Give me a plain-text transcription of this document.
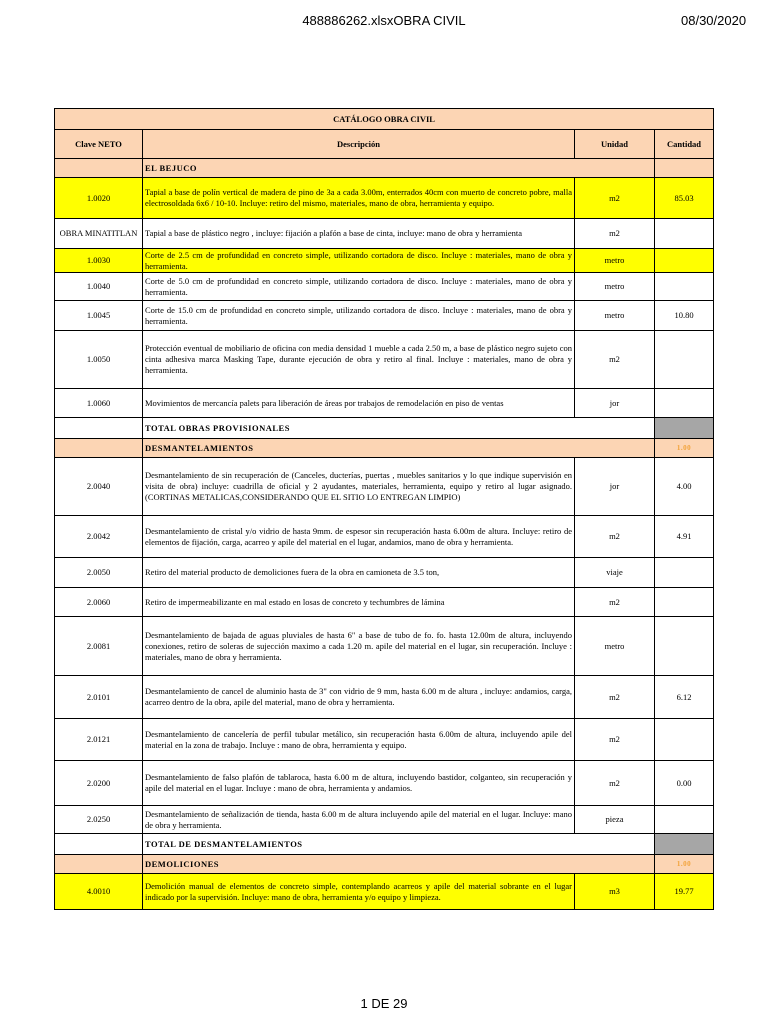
488886262.xlsxOBRA CIVIL	08/30/2020
CATÁLOGO OBRA CIVIL			
Clave NETO	Descripción	Unidad	Cantidad
	EL BEJUCO		
1.0020	Tapial a base de polín vertical de madera de pino de 3a a cada 3.00m, enterrados 40cm con muerto de concreto pobre, malla electrosoldada 6x6 / 10-10. Incluye: retiro del mismo, materiales, mano de obra, herramienta y equipo.	m2	85.03
OBRA MINATITLAN	Tapial a base de plástico negro , incluye: fijación a plafón a base de cinta, incluye: mano de obra y herramienta	m2	
1.0030	Corte de 2.5 cm de profundidad en concreto simple, utilizando cortadora de disco. Incluye : materiales, mano de obra y herramienta.	metro	
1.0040	Corte de 5.0 cm de profundidad en concreto simple, utilizando cortadora de disco. Incluye : materiales, mano de obra y herramienta.	metro	
1.0045	Corte de 15.0 cm de profundidad en concreto simple, utilizando cortadora de disco. Incluye : materiales, mano de obra y herramienta.	metro	10.80
1.0050	Protección eventual de mobiliario de oficina con media densidad 1 mueble a cada 2.50 m, a base de plástico negro sujeto con cinta adhesiva marca Masking Tape, durante ejecución de obra y retiro al final. Incluye : materiales, mano de obra y herramienta.	m2	
1.0060	Movimientos de mercancía palets para liberación de áreas por trabajos de remodelación en piso de ventas	jor	
	TOTAL OBRAS PROVISIONALES		
	DESMANTELAMIENTOS		1.00
2.0040	Desmantelamiento de sin recuperación de (Canceles, ducterías, puertas , muebles sanitarios y lo que indique supervisión en visita de obra) incluye: cuadrilla de oficial y 2 ayudantes, materiales, herramienta, equipo y retiro al lugar asignado. (CORTINAS METALICAS,CONSIDERANDO QUE EL SITIO LO ENTREGAN LIMPIO)	jor	4.00
2.0042	Desmantelamiento de cristal y/o vidrio de hasta 9mm. de espesor sin recuperación hasta 6.00m de altura. Incluye: retiro de elementos de fijación, carga, acarreo y apile del material en el lugar, andamios, mano de obra y herramienta.	m2	4.91
2.0050	Retiro del material producto de demoliciones fuera de la obra en camioneta de 3.5 ton,	viaje	
2.0060	Retiro de impermeabilizante en mal estado en losas de concreto y techumbres de lámina	m2	
2.0081	Desmantelamiento de bajada de aguas pluviales de hasta 6" a base de tubo de fo. fo. hasta 12.00m de altura, incluyendo conexiones, retiro de soleras de sujección maximo a cada 1.20 m. apile del material en el lugar, sin recuperación. Incluye : materiales, mano de obra y herramienta.	metro	
2.0101	Desmantelamiento de cancel de aluminio hasta de 3" con vidrio de 9 mm, hasta 6.00 m de altura , incluye: andamios, carga, acarreo dentro de la obra, apile del material, mano de obra y herramienta.	m2	6.12
2.0121	Desmantelamiento de cancelería de perfil tubular metálico, sin recuperación hasta 6.00m de altura, incluyendo apile del material en la zona de trabajo. Incluye : mano de obra, herramienta y equipo.	m2	
2.0200	Desmantelamiento de falso plafón de tablaroca, hasta 6.00 m de altura, incluyendo bastidor, colganteo, sin recuperación y apile del material en el lugar. Incluye : mano de obra, herramienta y andamios.	m2	0.00
2.0250	Desmantelamiento de señalización de tienda, hasta 6.00 m de altura incluyendo apile del material en el lugar. Incluye: mano de obra y herramienta.	pieza	
	TOTAL DE DESMANTELAMIENTOS		
	DEMOLICIONES		1.00
4.0010	Demolición manual de elementos de concreto simple, contemplando acarreos y apile del material sobrante en el lugar indicado por la supervisión. Incluye: mano de obra, herramienta y/o equipo y limpieza.	m3	19.77
1 DE 29
